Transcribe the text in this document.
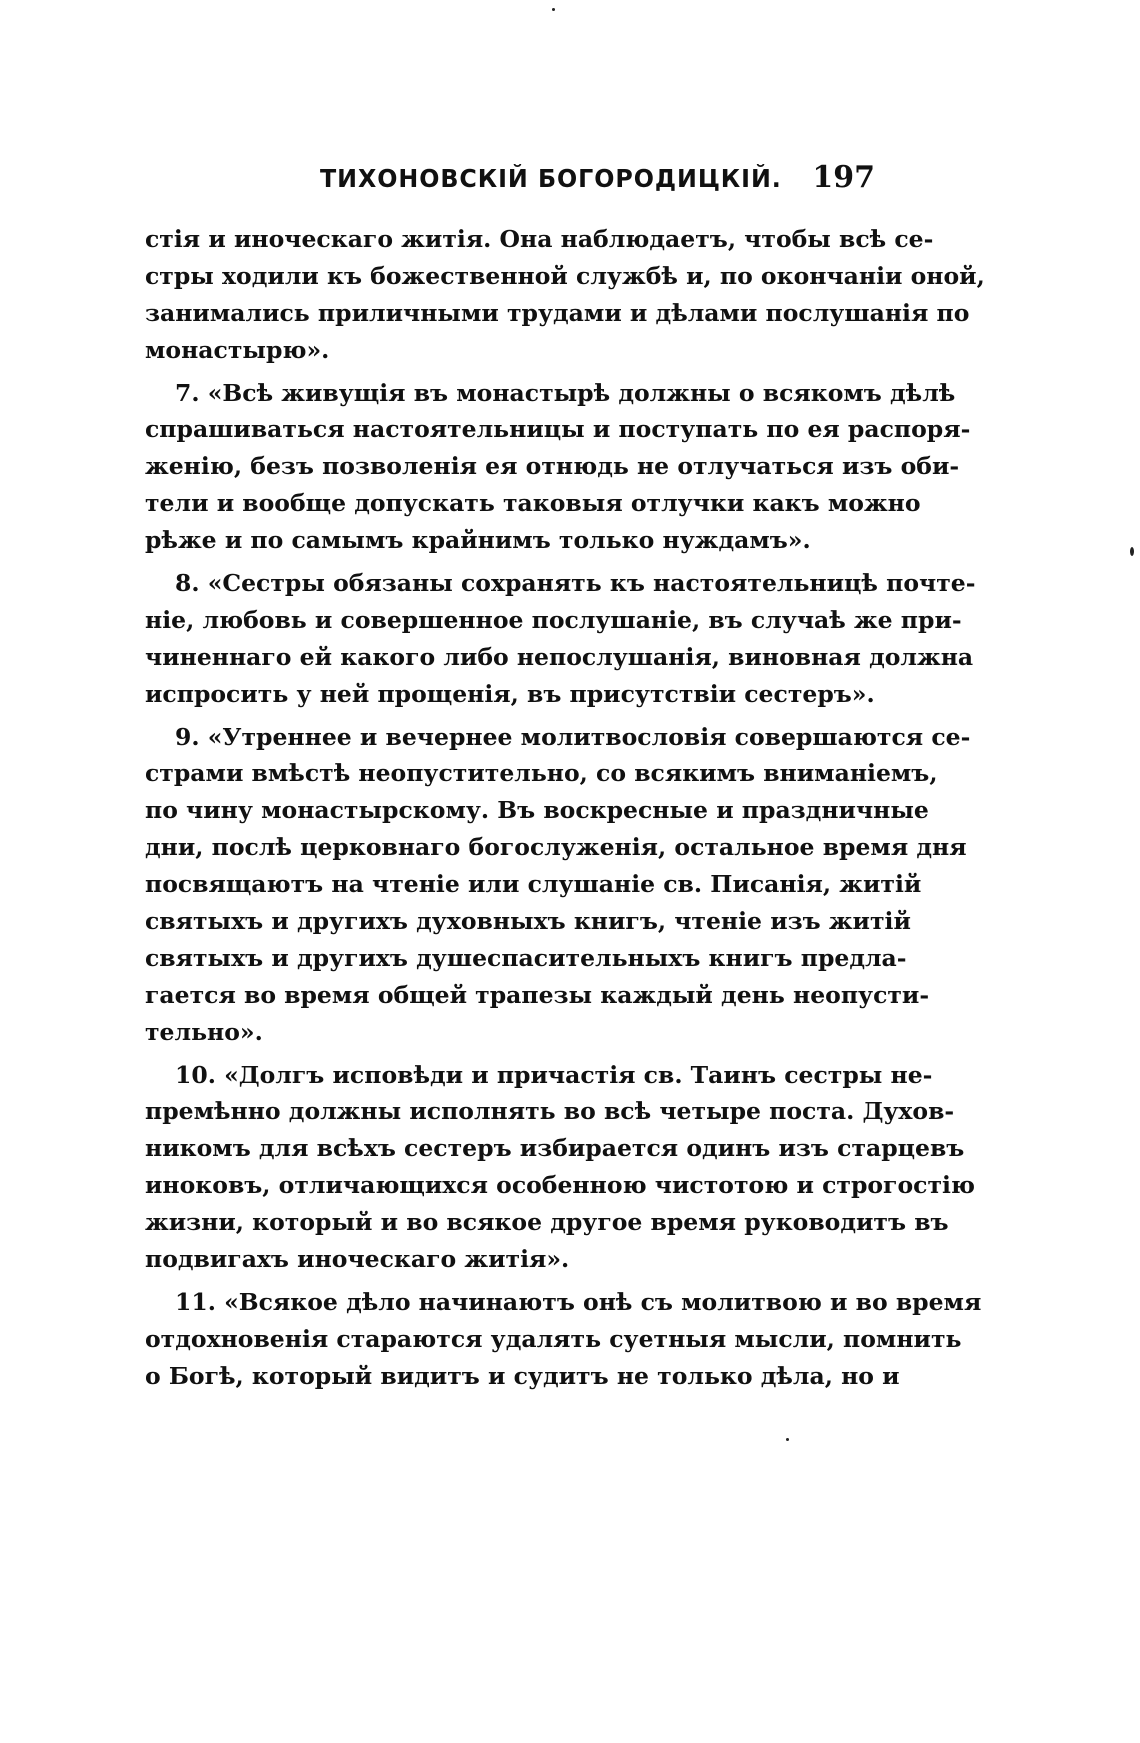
ТИХОНОВСКІЙ БОГОРОДИЦКІЙ. 197
стія и иноческаго житія. Она наблюдаетъ, чтобы всѣ се-
стры ходили къ божественной службѣ и, по окончаніи оной,
занимались приличными трудами и дѣлами послушанія по
монастырю».
7. «Всѣ живущія въ монастырѣ должны о всякомъ дѣлѣ
спрашиваться настоятельницы и поступать по ея распоря-
женію, безъ позволенія ея отнюдь не отлучаться изъ оби-
тели и вообще допускать таковыя отлучки какъ можно
рѣже и по самымъ крайнимъ только нуждамъ».
8. «Сестры обязаны сохранять къ настоятельницѣ почте-
ніе, любовь и совершенное послушаніе, въ случаѣ же при-
чиненнаго ей какого либо непослушанія, виновная должна
испросить у ней прощенія, въ присутствіи сестеръ».
9. «Утреннее и вечернее молитвословія совершаются се-
страми вмѣстѣ неопустительно, со всякимъ вниманіемъ,
по чину монастырскому. Въ воскресные и праздничные
дни, послѣ церковнаго богослуженія, остальное время дня
посвящаютъ на чтеніе или слушаніе св. Писанія, житій
святыхъ и другихъ духовныхъ книгъ, чтеніе изъ житій
святыхъ и другихъ душеспасительныхъ книгъ предла-
гается во время общей трапезы каждый день неопусти-
тельно».
10. «Долгъ исповѣди и причастія св. Таинъ сестры не-
премѣнно должны исполнять во всѣ четыре поста. Духов-
никомъ для всѣхъ сестеръ избирается одинъ изъ старцевъ
иноковъ, отличающихся особенною чистотою и строгостію
жизни, который и во всякое другое время руководитъ въ
подвигахъ иноческаго житія».
11. «Всякое дѣло начинаютъ онѣ съ молитвою и во время
отдохновенія стараются удалять суетныя мысли, помнить
о Богѣ, который видитъ и судитъ не только дѣла, но и
